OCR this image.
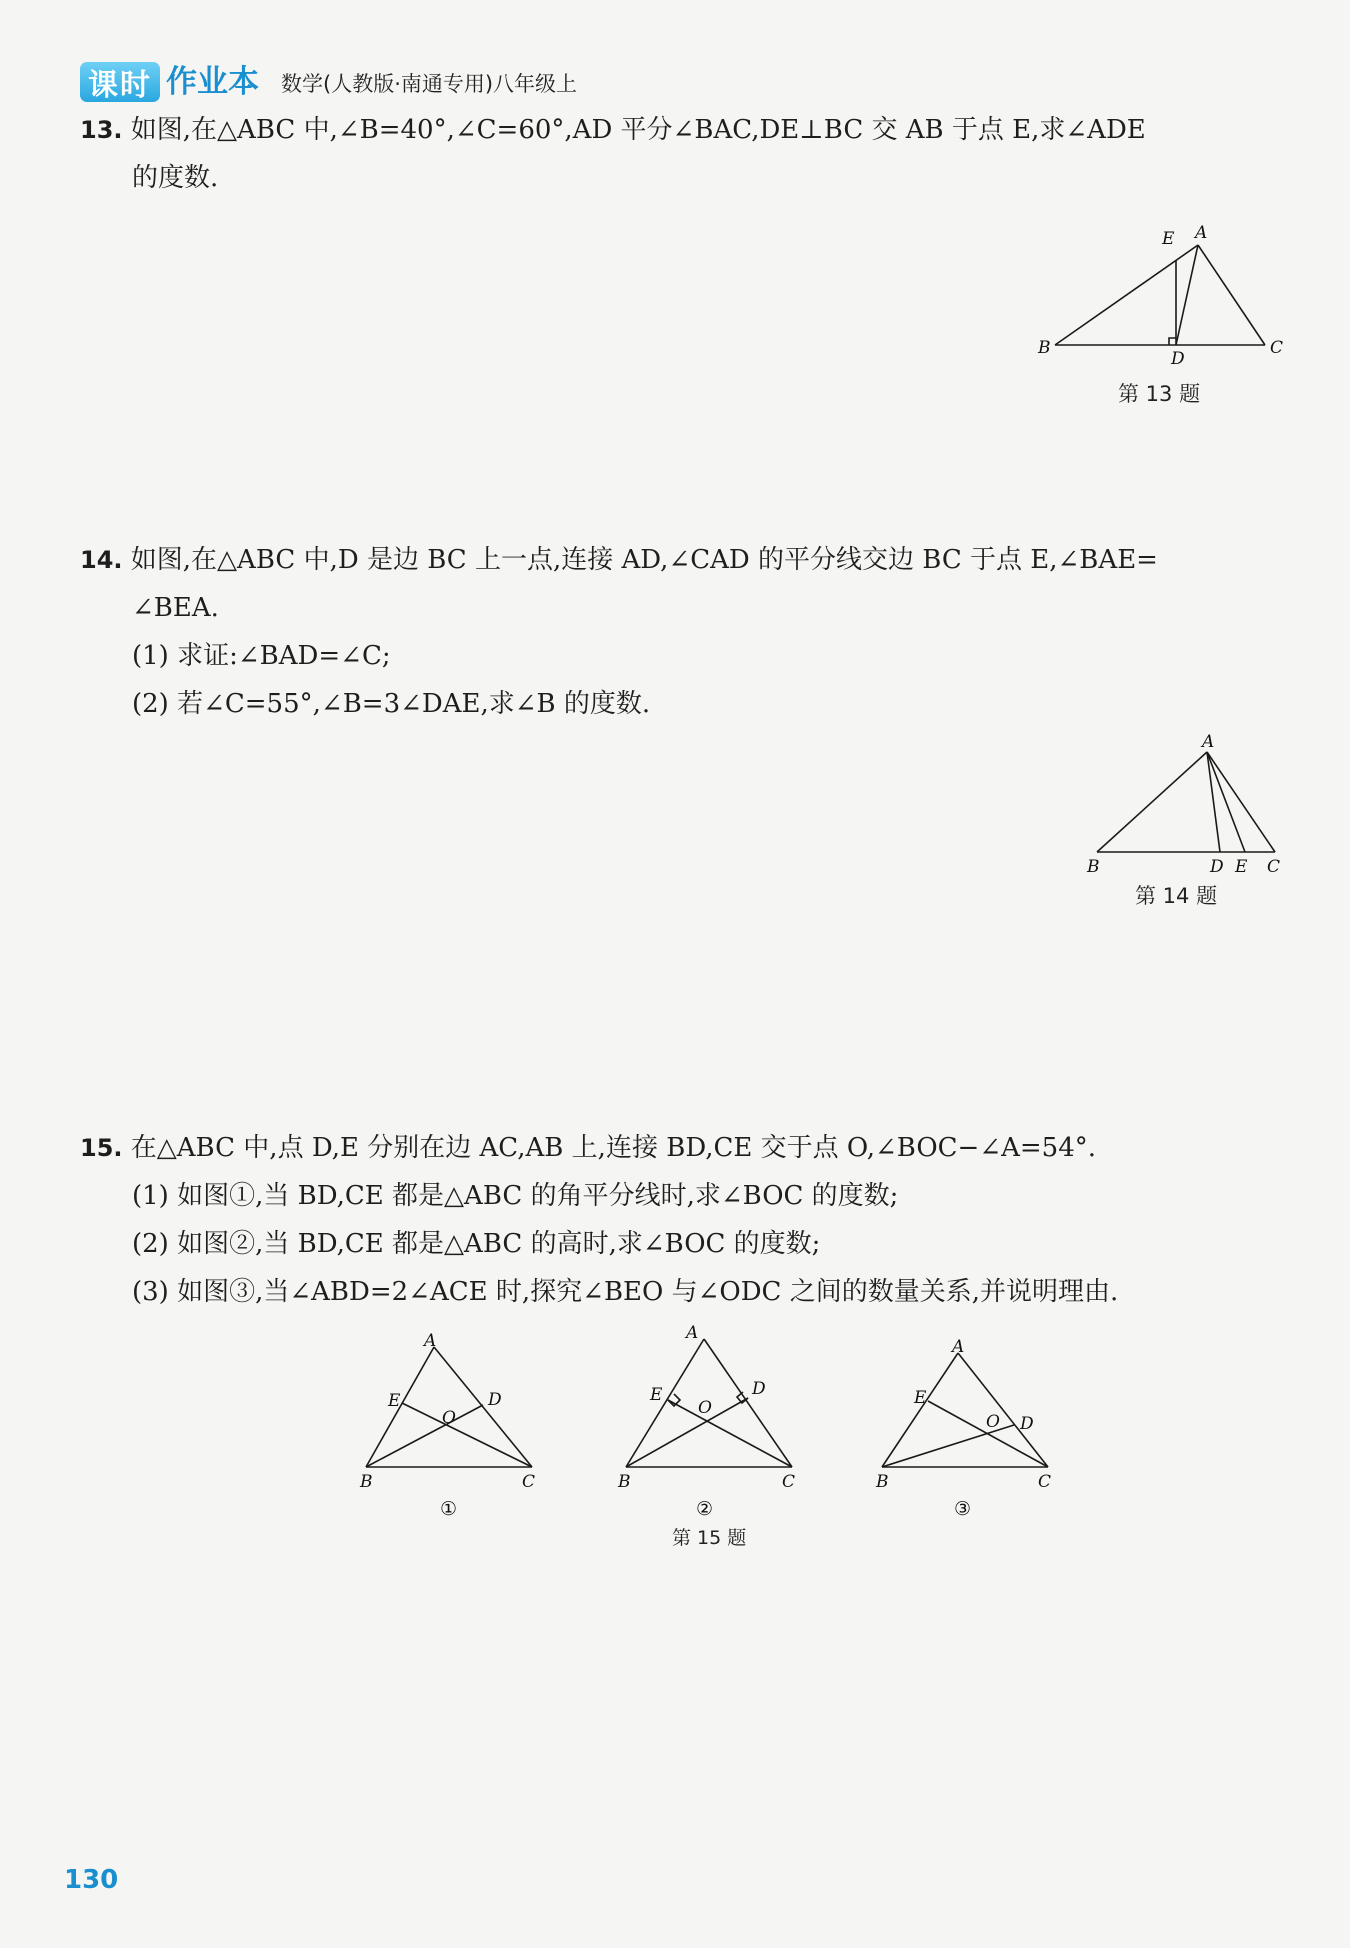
课时 作业本 数学(人教版·南通专用)八年级上
13. 如图,在△ABC 中,∠B=40°,∠C=60°,AD 平分∠BAC,DE⊥BC 交 AB 于点 E,求∠ADE
的度数.
A
E
B	C
D
第 13 题
14. 如图,在△ABC 中,D 是边 BC 上一点,连接 AD,∠CAD 的平分线交边 BC 于点 E,∠BAE=
∠BEA.
(1) 求证:∠BAD=∠C;
(2) 若∠C=55°,∠B=3∠DAE,求∠B 的度数.
A
B	D E C
第 14 题
15. 在△ABC 中,点 D,E 分别在边 AC,AB 上,连接 BD,CE 交于点 O,∠BOC−∠A=54°.
(1) 如图①,当 BD,CE 都是△ABC 的角平分线时,求∠BOC 的度数;
(2) 如图②,当 BD,CE 都是△ABC 的高时,求∠BOC 的度数;
(3) 如图③,当∠ABD=2∠ACE 时,探究∠BEO 与∠ODC 之间的数量关系,并说明理由.
A
E	D
O
B	C
①
A
E	D
O
B	C
②
A
E
D
O
B	C
③
第 15 题
130
